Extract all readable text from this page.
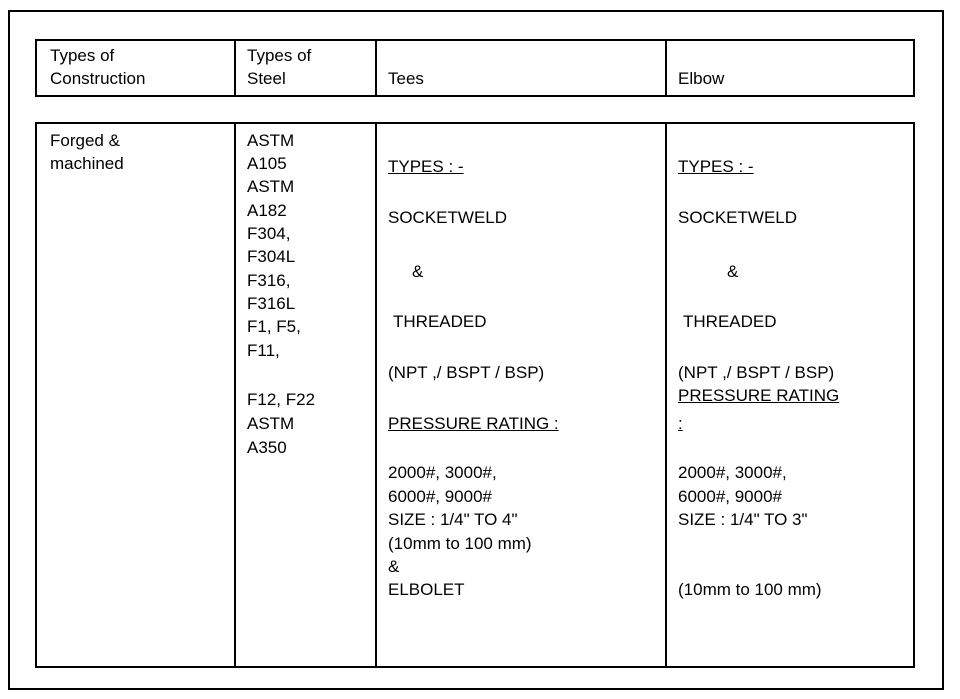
Types of

Construction

Types of

Steel	Tees	Elbow

Forged &

machined

ASTM

A105

ASTM

A182

F304,

F304L

F316,

F316L

F1, F5,

F11,

F12, F22

ASTM

A350

TYPES : -

SOCKETWELD

&

THREADED

(NPT ,/ BSPT / BSP)

PRESSURE RATING :

2000#, 3000#,

6000#, 9000#

SIZE : 1/4" TO 4"

(10mm to 100 mm)

&

ELBOLET

TYPES : -

SOCKETWELD

&

THREADED

(NPT ,/ BSPT / BSP)

PRESSURE RATING

:

2000#, 3000#,

6000#, 9000#

SIZE : 1/4" TO 3"

(10mm to 100 mm)
